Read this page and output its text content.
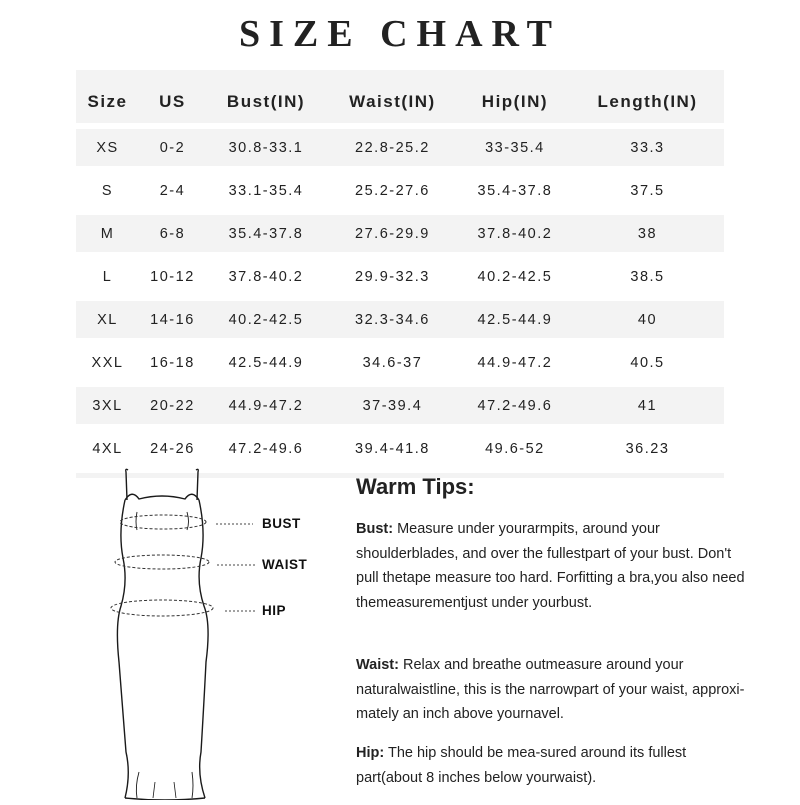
SIZE CHART
Size	US	Bust(IN)	Waist(IN)	Hip(IN)	Length(IN)
XS	0-2	30.8-33.1	22.8-25.2	33-35.4	33.3
S	2-4	33.1-35.4	25.2-27.6	35.4-37.8	37.5
M	6-8	35.4-37.8	27.6-29.9	37.8-40.2	38
L	10-12	37.8-40.2	29.9-32.3	40.2-42.5	38.5
XL	14-16	40.2-42.5	32.3-34.6	42.5-44.9	40
XXL	16-18	42.5-44.9	34.6-37	44.9-47.2	40.5
3XL	20-22	44.9-47.2	37-39.4	47.2-49.6	41
4XL	24-26	47.2-49.6	39.4-41.8	49.6-52	36.23

BUST
WAIST
HIP
Warm Tips:
Bust: Measure under yourarmpits, around your shoulderblades, and over the fullestpart of your bust. Don't pull thetape measure too hard. Forfitting a bra,you also need themeasurementjust under yourbust.
Waist: Relax and breathe outmeasure around your naturalwaistline, this is the narrowpart of your waist, approxi-mately an inch above yournavel.
Hip: The hip should be mea-sured around its fullest part(about 8 inches below yourwaist).
